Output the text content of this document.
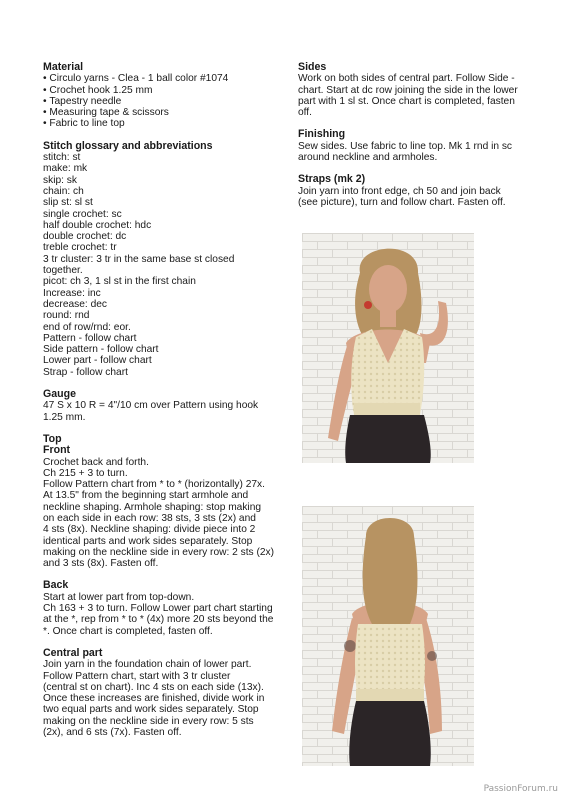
Material

• Circulo yarns - Clea - 1 ball color #1074

• Crochet hook 1.25 mm

• Tapestry needle

• Measuring tape & scissors

• Fabric to line top

Stitch glossary and abbreviations

stitch: st

make: mk

skip: sk

chain: ch

slip st: sl st

single crochet: sc

half double crochet: hdc

double crochet: dc

treble crochet: tr

3 tr cluster: 3 tr in the same base st closed

together.

picot: ch 3, 1 sl st in the first chain

Increase: inc

decrease: dec

round: rnd

end of row/rnd: eor.

Pattern - follow chart

Side pattern - follow chart

Lower part - follow chart

Strap - follow chart

Gauge

47 S x 10 R = 4"/10 cm over Pattern using hook

1.25 mm.

Top

Front

Crochet back and forth.

Ch 215 + 3 to turn.

Follow Pattern chart from * to * (horizontally) 27x.

At 13.5" from the beginning start armhole and

neckline shaping. Armhole shaping: stop making

on each side in each row: 38 sts, 3 sts (2x) and

4 sts (8x). Neckline shaping: divide piece into 2

identical parts and work sides separately. Stop

making on the neckline side in every row: 2 sts (2x)

and 3 sts (8x). Fasten off.

Back

Start at lower part from top-down.

Ch 163 + 3 to turn. Follow Lower part chart starting

at the *, rep from * to * (4x) more 20 sts beyond the

*. Once chart is completed, fasten off.

Central part

Join yarn in the foundation chain of lower part.

Follow Pattern chart, start with 3 tr cluster

(central st on chart). Inc 4 sts on each side (13x).

Once these increases are finished, divide work in

two equal parts and work sides separately. Stop

making on the neckline side in every row: 5 sts

(2x), and 6 sts (7x). Fasten off.

Sides

Work on both sides of central part. Follow Side -

chart. Start at dc row joining the side in the lower

part with 1 sl st. Once chart is completed, fasten

off.

Finishing

Sew sides. Use fabric to line top. Mk 1 rnd in sc

around neckline and armholes.

Straps (mk 2)

Join yarn into front edge, ch 50 and join back

(see picture), turn and follow chart. Fasten off.

PassionForum.ru
